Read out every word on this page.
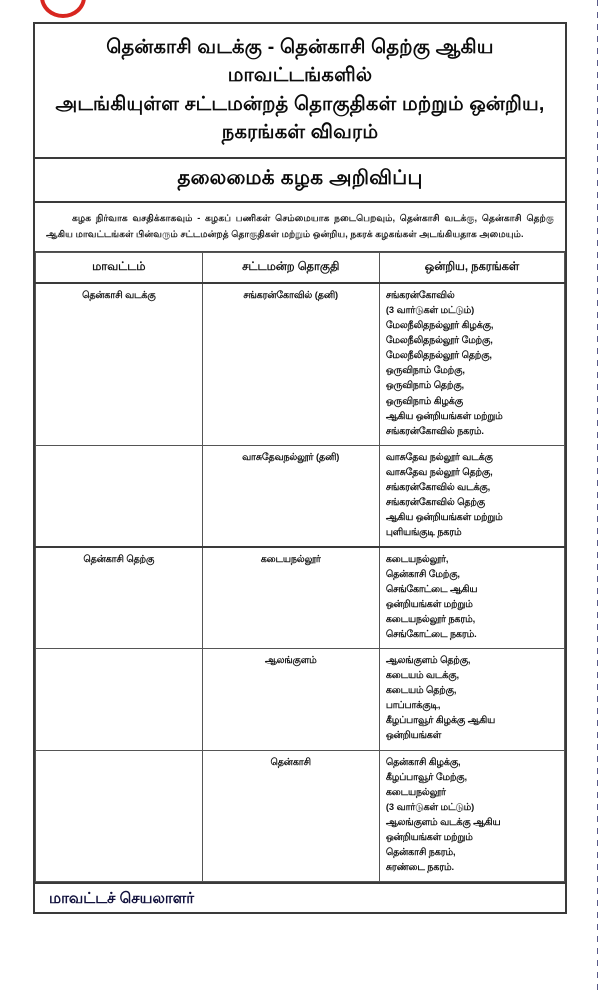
தென்காசி வடக்கு - தென்காசி தெற்கு ஆகிய மாவட்டங்களில்
அடங்கியுள்ள சட்டமன்றத் தொகுதிகள் மற்றும் ஒன்றிய, நகரங்கள் விவரம்
தலைமைக் கழக அறிவிப்பு
கழக நிர்வாக வசதிக்காகவும் - கழகப் பணிகள் செம்மையாக நடைபெறவும், தென்காசி வடக்கு, தென்காசி தெற்கு ஆகிய மாவட்டங்கள் பின்வரும் சட்டமன்றத் தொகுதிகள் மற்றும் ஒன்றிய, நகரக் கழகங்கள் அடங்கியதாக அமையும்.
மாவட்டம்	சட்டமன்ற தொகுதி	ஒன்றிய, நகரங்கள்
தென்காசி வடக்கு	சங்கரன்கோவில் (தனி)	சங்கரன்கோவில்
(3 வார்டுகள் மட்டும்)
மேலநீலிதநல்லூர் கிழக்கு,
மேலநீலிதநல்லூர் மேற்கு,
மேலநீலிதநல்லூர் தெற்கு,
ஒருவிநாம் மேற்கு,
ஒருவிநாம் தெற்கு,
ஒருவிநாம் கிழக்கு
ஆகிய ஒன்றியங்கள் மற்றும்
சங்கரன்கோவில் நகரம்.

	வாசுதேவநல்லூர் (தனி)	வாசுதேவ நல்லூர் வடக்கு
வாசுதேவ நல்லூர் தெற்கு,
சங்கரன்கோவில் வடக்கு,
சங்கரன்கோவில் தெற்கு
ஆகிய ஒன்றியங்கள் மற்றும்
புளியங்குடி நகரம்

தென்காசி தெற்கு	கடையநல்லூர்	கடையநல்லூர்,
தென்காசி மேற்கு,
செங்கோட்டை ஆகிய
ஒன்றியங்கள் மற்றும்
கடையநல்லூர் நகரம்,
செங்கோட்டை நகரம்.

	ஆலங்குளம்	ஆலங்குளம் தெற்கு,
கடையம் வடக்கு,
கடையம் தெற்கு,
பாப்பாக்குடி,
கீழப்பாவூர் கிழக்கு ஆகிய
ஒன்றியங்கள்

	தென்காசி	தென்காசி கிழக்கு,
கீழப்பாவூர் மேற்கு,
கடையநல்லூர்
(3 வார்டுகள் மட்டும்)
ஆலங்குளம் வடக்கு ஆகிய
ஒன்றியங்கள் மற்றும்
தென்காசி நகரம்,
சுரண்டை நகரம்.
மாவட்டச் செயலாளர்
